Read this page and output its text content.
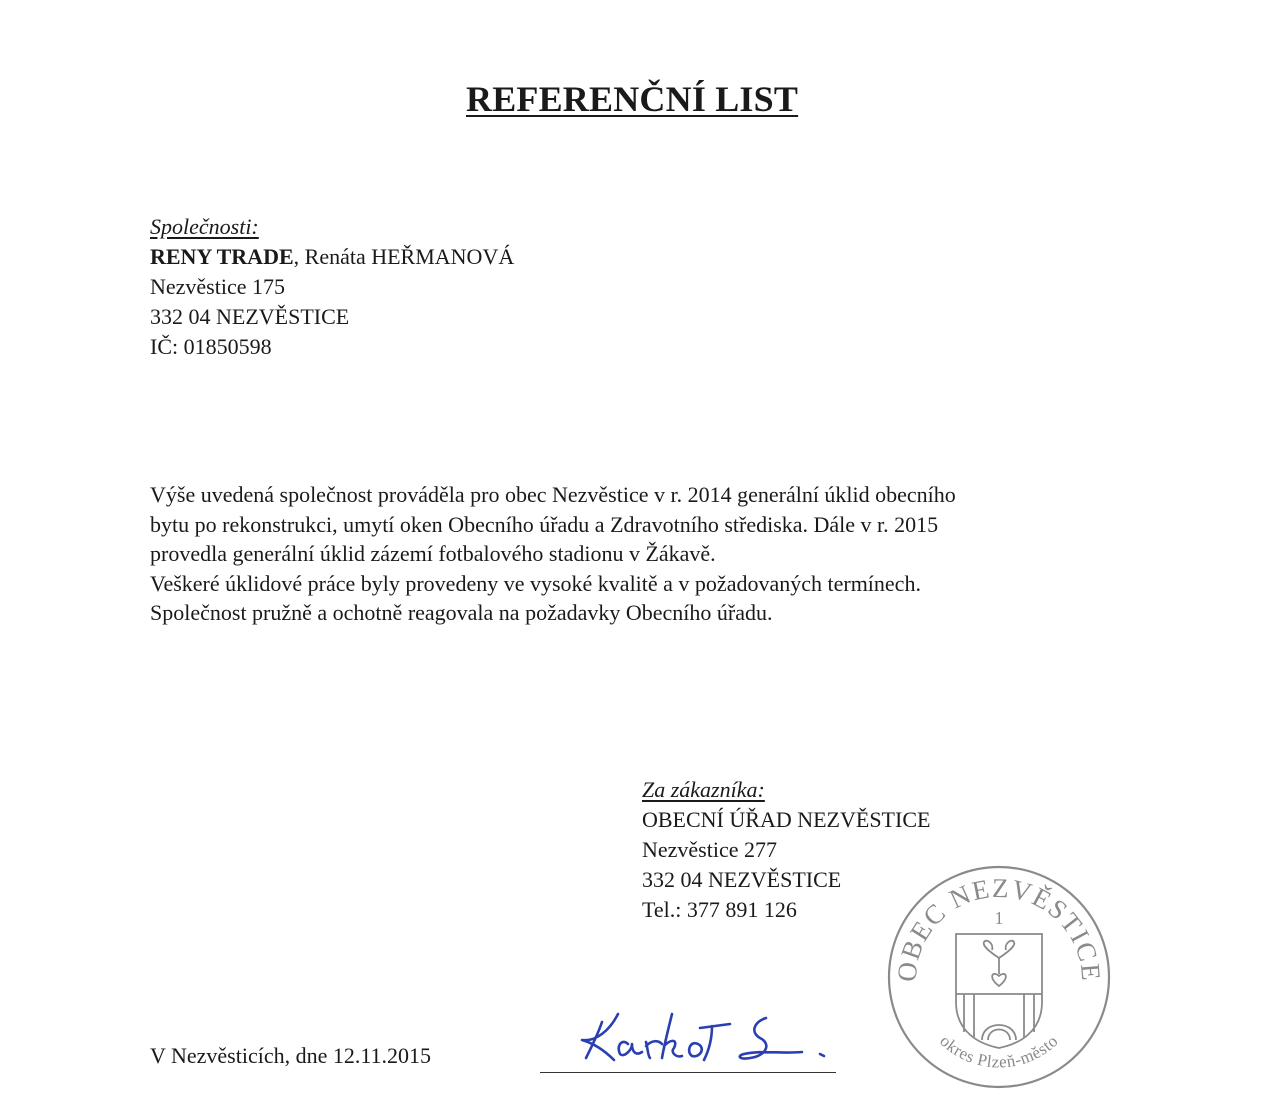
REFERENČNÍ LIST
Společnosti:
RENY TRADE, Renáta HEŘMANOVÁ
Nezvěstice 175
332 04 NEZVĚSTICE
IČ: 01850598
Výše uvedená společnost prováděla pro obec Nezvěstice v r. 2014 generální úklid obecního
bytu po rekonstrukci, umytí oken Obecního úřadu a Zdravotního střediska. Dále v r. 2015
provedla generální úklid zázemí fotbalového stadionu v Žákavě.
Veškeré úklidové práce byly provedeny ve vysoké kvalitě a v požadovaných termínech.
Společnost pružně a ochotně reagovala na požadavky Obecního úřadu.
Za zákazníka:
OBECNÍ ÚŘAD NEZVĚSTICE
Nezvěstice 277
332 04 NEZVĚSTICE
Tel.: 377 891 126
V Nezvěsticích, dne 12.11.2015
OBEC NEZVĚSTICE
okres Plzeň-město
1
